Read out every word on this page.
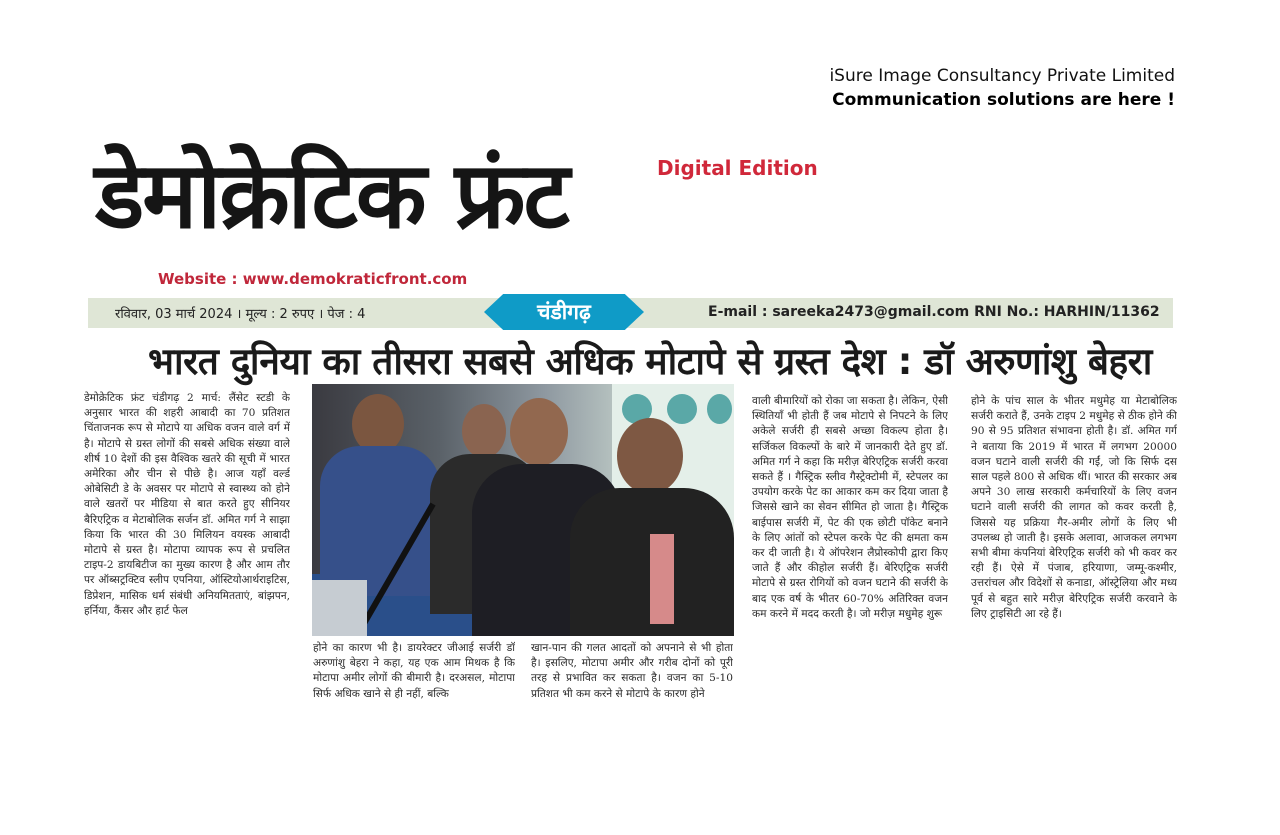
iSure Image Consultancy Private Limited
Communication solutions are here !
डेमोक्रेटिक फ्रंट	Digital Edition
Website : www.demokraticfront.com
रविवार, 03 मार्च 2024 । मूल्य : 2 रुपए । पेज : 4	चंडीगढ़	E-mail : sareeka2473@gmail.com RNI No.: HARHIN/11362
भारत दुनिया का तीसरा सबसे अधिक मोटापे से ग्रस्त देश : डॉ अरुणांशु बेहरा
डेमोक्रेटिक फ्रंट चंडीगढ़ 2 मार्च: लैंसेट स्टडी के अनुसार भारत की शहरी आबादी का 70 प्रतिशत चिंताजनक रूप से मोटापे या अधिक वजन वाले वर्ग में है। मोटापे से ग्रस्त लोगों की सबसे अधिक संख्या वाले शीर्ष 10 देशों की इस वैश्विक खतरे की सूची में भारत अमेरिका और चीन से पीछे है। आज यहाँ वर्ल्ड ओबेसिटी डे के अवसर पर मोटापे से स्वास्थ्य को होने वाले खतरों पर मीडिया से बात करते हुए सीनियर बैरिएट्रिक व मेटाबोलिक सर्जन डॉ. अमित गर्ग ने साझा किया कि भारत की 30 मिलियन वयस्क आबादी मोटापे से ग्रस्त है। मोटापा व्यापक रूप से प्रचलित टाइप-2 डायबिटीज का मुख्य कारण है और आम तौर पर ऑब्सट्रक्टिव स्लीप एपनिया, ऑस्टियोआर्थराइटिस, डिप्रेशन, मासिक धर्म संबंधी अनियमितताएं, बांझपन, हर्निया, कैंसर और हार्ट फेल
होने का कारण भी है। डायरेक्टर जीआई सर्जरी डॉ अरुणांशु बेहरा ने कहा, यह एक आम मिथक है कि मोटापा अमीर लोगों की बीमारी है। दरअसल, मोटापा सिर्फ अधिक खाने से ही नहीं, बल्कि
खान-पान की गलत आदतों को अपनाने से भी होता है। इसलिए, मोटापा अमीर और गरीब दोनों को पूरी तरह से प्रभावित कर सकता है। वजन का 5-10 प्रतिशत भी कम करने से मोटापे के कारण होने
वाली बीमारियों को रोका जा सकता है। लेकिन, ऐसी स्थितियाँ भी होती हैं जब मोटापे से निपटने के लिए अकेले सर्जरी ही सबसे अच्छा विकल्प होता है। सर्जिकल विकल्पों के बारे में जानकारी देते हुए डॉ. अमित गर्ग ने कहा कि मरीज़ बेरिएट्रिक सर्जरी करवा सकते हैं । गैस्ट्रिक स्लीव गैस्ट्रेक्टोमी में, स्टेपलर का उपयोग करके पेट का आकार कम कर दिया जाता है जिससे खाने का सेवन सीमित हो जाता है। गैस्ट्रिक बाईपास सर्जरी में, पेट की एक छोटी पॉकेट बनाने के लिए आंतों को स्टेपल करके पेट की क्षमता कम कर दी जाती है। ये ऑपरेशन लैप्रोस्कोपी द्वारा किए जाते हैं और कीहोल सर्जरी हैं। बेरिएट्रिक सर्जरी मोटापे से ग्रस्त रोगियों को वजन घटाने की सर्जरी के बाद एक वर्ष के भीतर 60-70% अतिरिक्त वजन कम करने में मदद करती है। जो मरीज़ मधुमेह शुरू
होने के पांच साल के भीतर मधुमेह या मेटाबोलिक सर्जरी कराते हैं, उनके टाइप 2 मधुमेह से ठीक होने की 90 से 95 प्रतिशत संभावना होती है। डॉ. अमित गर्ग ने बताया कि 2019 में भारत में लगभग 20000 वजन घटाने वाली सर्जरी की गईं, जो कि सिर्फ दस साल पहले 800 से अधिक थीं। भारत की सरकार अब अपने 30 लाख सरकारी कर्मचारियों के लिए वजन घटाने वाली सर्जरी की लागत को कवर करती है, जिससे यह प्रक्रिया गैर-अमीर लोगों के लिए भी उपलब्ध हो जाती है। इसके अलावा, आजकल लगभग सभी बीमा कंपनियां बेरिएट्रिक सर्जरी को भी कवर कर रही हैं। ऐसे में पंजाब, हरियाणा, जम्मू-कश्मीर, उत्तरांचल और विदेशों से कनाडा, ऑस्ट्रेलिया और मध्य पूर्व से बहुत सारे मरीज़ बेरिएट्रिक सर्जरी करवाने के लिए ट्राइसिटी आ रहे हैं।
